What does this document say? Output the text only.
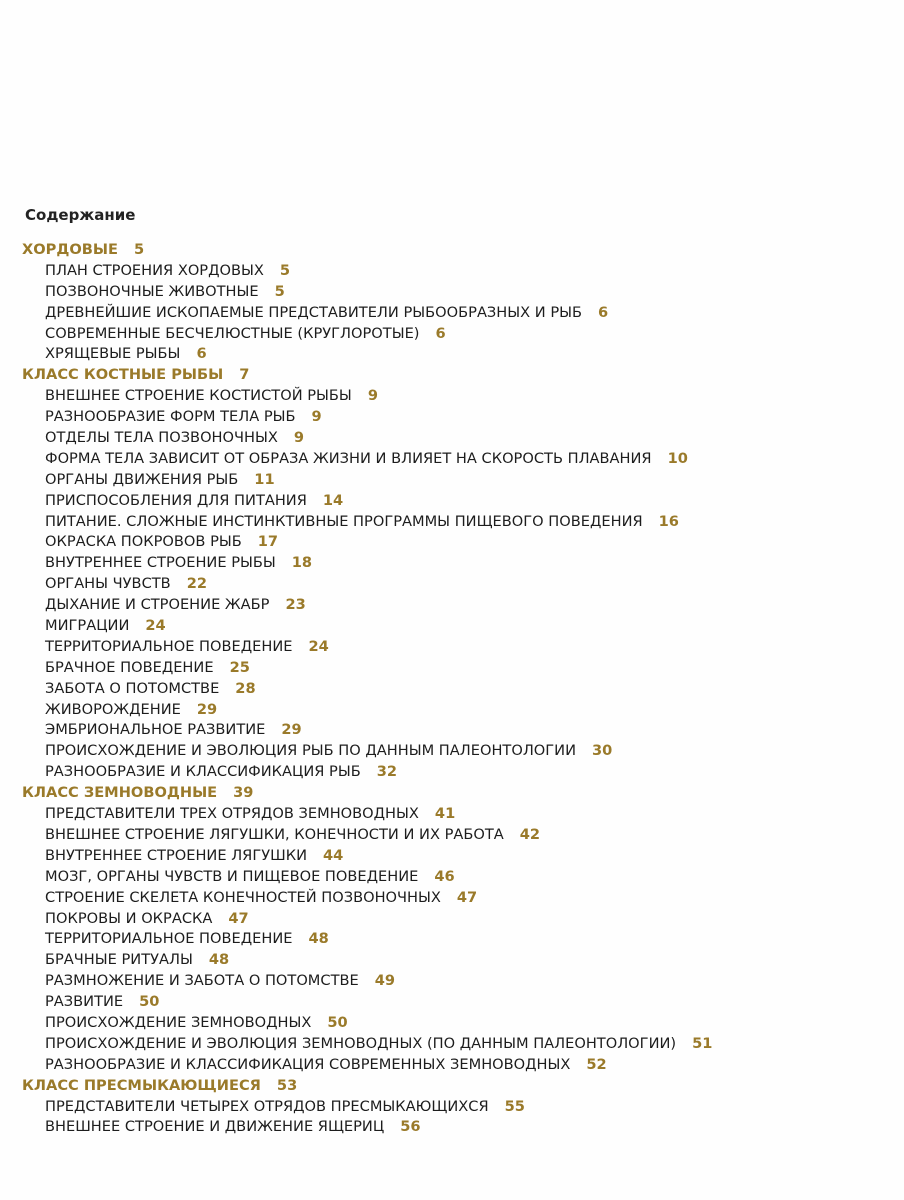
Содержание
ХОРДОВЫЕ 5
ПЛАН СТРОЕНИЯ ХОРДОВЫХ 5
ПОЗВОНОЧНЫЕ ЖИВОТНЫЕ 5
ДРЕВНЕЙШИЕ ИСКОПАЕМЫЕ ПРЕДСТАВИТЕЛИ РЫБООБРАЗНЫХ И РЫБ 6
СОВРЕМЕННЫЕ БЕСЧЕЛЮСТНЫЕ (КРУГЛОРОТЫЕ) 6
ХРЯЩЕВЫЕ РЫБЫ 6
КЛАСС КОСТНЫЕ РЫБЫ 7
ВНЕШНЕЕ СТРОЕНИЕ КОСТИСТОЙ РЫБЫ 9
РАЗНООБРАЗИЕ ФОРМ ТЕЛА РЫБ 9
ОТДЕЛЫ ТЕЛА ПОЗВОНОЧНЫХ 9
ФОРМА ТЕЛА ЗАВИСИТ ОТ ОБРАЗА ЖИЗНИ И ВЛИЯЕТ НА СКОРОСТЬ ПЛАВАНИЯ 10
ОРГАНЫ ДВИЖЕНИЯ РЫБ 11
ПРИСПОСОБЛЕНИЯ ДЛЯ ПИТАНИЯ 14
ПИТАНИЕ. СЛОЖНЫЕ ИНСТИНКТИВНЫЕ ПРОГРАММЫ ПИЩЕВОГО ПОВЕДЕНИЯ 16
ОКРАСКА ПОКРОВОВ РЫБ 17
ВНУТРЕННЕЕ СТРОЕНИЕ РЫБЫ 18
ОРГАНЫ ЧУВСТВ 22
ДЫХАНИЕ И СТРОЕНИЕ ЖАБР 23
МИГРАЦИИ 24
ТЕРРИТОРИАЛЬНОЕ ПОВЕДЕНИЕ 24
БРАЧНОЕ ПОВЕДЕНИЕ 25
ЗАБОТА О ПОТОМСТВЕ 28
ЖИВОРОЖДЕНИЕ 29
ЭМБРИОНАЛЬНОЕ РАЗВИТИЕ 29
ПРОИСХОЖДЕНИЕ И ЭВОЛЮЦИЯ РЫБ ПО ДАННЫМ ПАЛЕОНТОЛОГИИ 30
РАЗНООБРАЗИЕ И КЛАССИФИКАЦИЯ РЫБ 32
КЛАСС ЗЕМНОВОДНЫЕ 39
ПРЕДСТАВИТЕЛИ ТРЕХ ОТРЯДОВ ЗЕМНОВОДНЫХ 41
ВНЕШНЕЕ СТРОЕНИЕ ЛЯГУШКИ, КОНЕЧНОСТИ И ИХ РАБОТА 42
ВНУТРЕННЕЕ СТРОЕНИЕ ЛЯГУШКИ 44
МОЗГ, ОРГАНЫ ЧУВСТВ И ПИЩЕВОЕ ПОВЕДЕНИЕ 46
СТРОЕНИЕ СКЕЛЕТА КОНЕЧНОСТЕЙ ПОЗВОНОЧНЫХ 47
ПОКРОВЫ И ОКРАСКА 47
ТЕРРИТОРИАЛЬНОЕ ПОВЕДЕНИЕ 48
БРАЧНЫЕ РИТУАЛЫ 48
РАЗМНОЖЕНИЕ И ЗАБОТА О ПОТОМСТВЕ 49
РАЗВИТИЕ 50
ПРОИСХОЖДЕНИЕ ЗЕМНОВОДНЫХ 50
ПРОИСХОЖДЕНИЕ И ЭВОЛЮЦИЯ ЗЕМНОВОДНЫХ (ПО ДАННЫМ ПАЛЕОНТОЛОГИИ) 51
РАЗНООБРАЗИЕ И КЛАССИФИКАЦИЯ СОВРЕМЕННЫХ ЗЕМНОВОДНЫХ 52
КЛАСС ПРЕСМЫКАЮЩИЕСЯ 53
ПРЕДСТАВИТЕЛИ ЧЕТЫРЕХ ОТРЯДОВ ПРЕСМЫКАЮЩИХСЯ 55
ВНЕШНЕЕ СТРОЕНИЕ И ДВИЖЕНИЕ ЯЩЕРИЦ 56
